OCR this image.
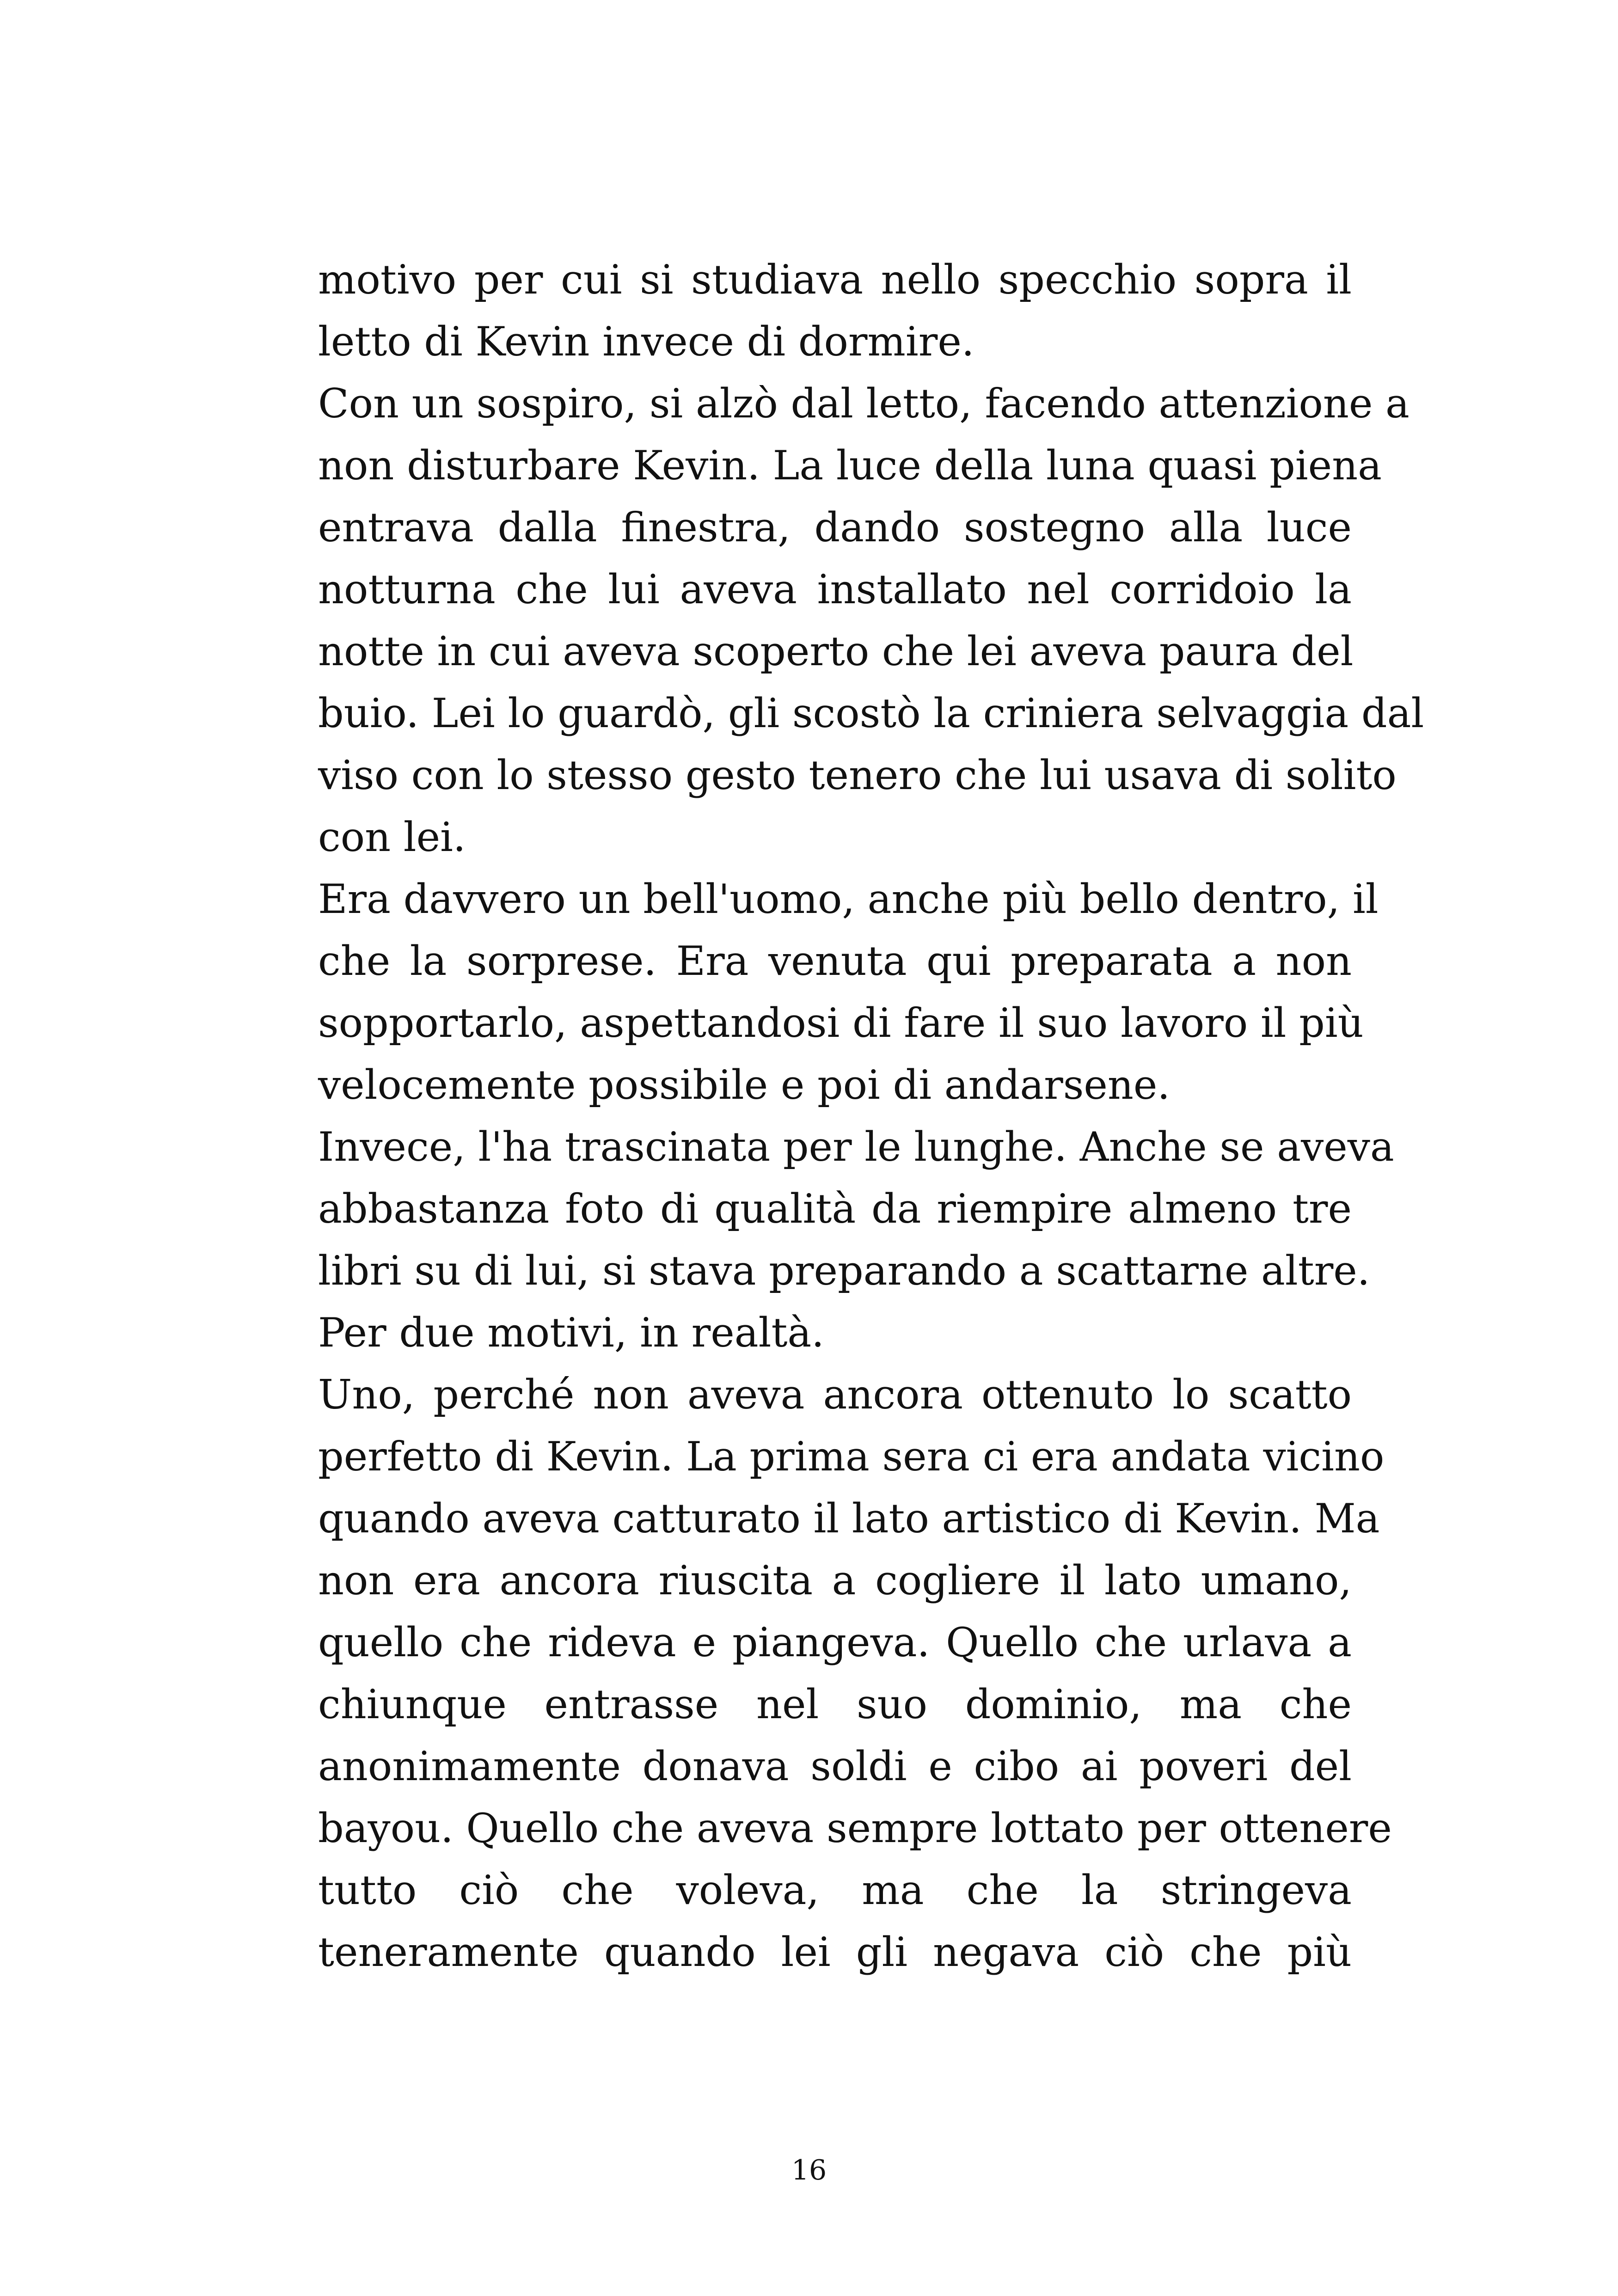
motivo per cui si studiava nello specchio sopra il
letto di Kevin invece di dormire.
Con un sospiro, si alzò dal letto, facendo attenzione a
non disturbare Kevin. La luce della luna quasi piena
entrava dalla finestra, dando sostegno alla luce
notturna che lui aveva installato nel corridoio la
notte in cui aveva scoperto che lei aveva paura del
buio. Lei lo guardò, gli scostò la criniera selvaggia dal
viso con lo stesso gesto tenero che lui usava di solito
con lei.
Era davvero un bell'uomo, anche più bello dentro, il
che la sorprese. Era venuta qui preparata a non
sopportarlo, aspettandosi di fare il suo lavoro il più
velocemente possibile e poi di andarsene.
Invece, l'ha trascinata per le lunghe. Anche se aveva
abbastanza foto di qualità da riempire almeno tre
libri su di lui, si stava preparando a scattarne altre.
Per due motivi, in realtà.
Uno, perché non aveva ancora ottenuto lo scatto
perfetto di Kevin. La prima sera ci era andata vicino
quando aveva catturato il lato artistico di Kevin. Ma
non era ancora riuscita a cogliere il lato umano,
quello che rideva e piangeva. Quello che urlava a
chiunque entrasse nel suo dominio, ma che
anonimamente donava soldi e cibo ai poveri del
bayou. Quello che aveva sempre lottato per ottenere
tutto ciò che voleva, ma che la stringeva
teneramente quando lei gli negava ciò che più
16
